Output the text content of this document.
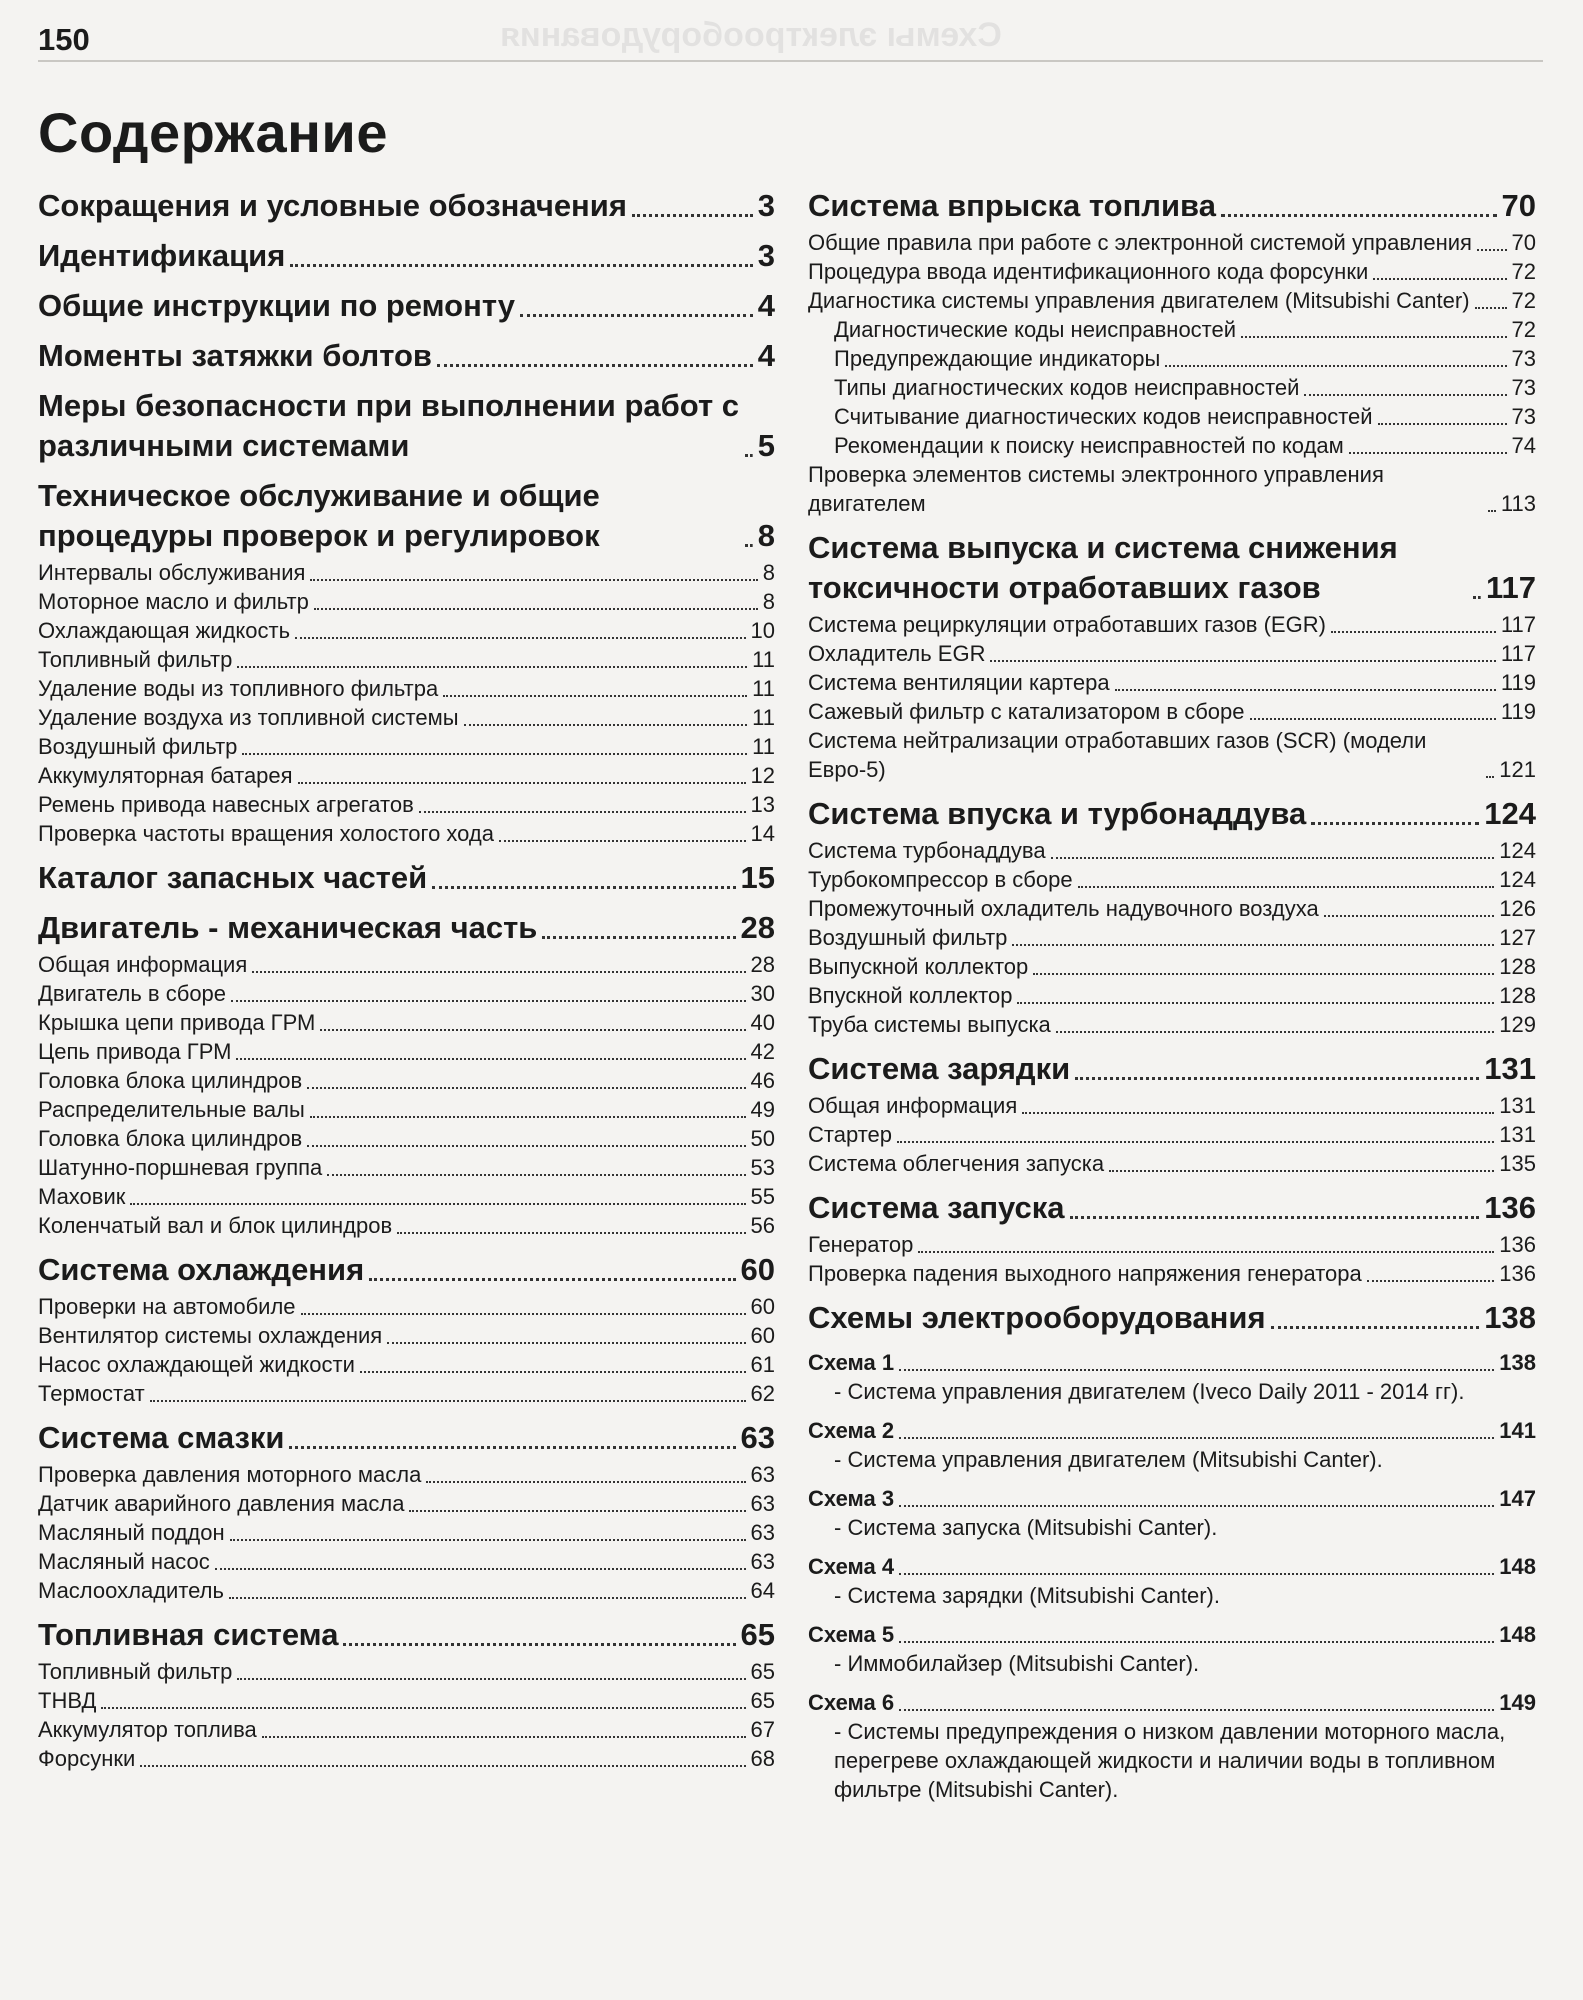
150	Схемы электрооборудования
Содержание
Сокращения и условные обозначения	3
Идентификация	3
Общие инструкции по ремонту	4
Моменты затяжки болтов	4
Меры безопасности при выполнении работ с различными системами	5
Техническое обслуживание и общие процедуры проверок и регулировок	8
Интервалы обслуживания	8
Моторное масло и фильтр	8
Охлаждающая жидкость	10
Топливный фильтр	11
Удаление воды из топливного фильтра	11
Удаление воздуха из топливной системы	11
Воздушный фильтр	11
Аккумуляторная батарея	12
Ремень привода навесных агрегатов	13
Проверка частоты вращения холостого хода	14
Каталог запасных частей	15
Двигатель - механическая часть	28
Общая информация	28
Двигатель в сборе	30
Крышка цепи привода ГРМ	40
Цепь привода ГРМ	42
Головка блока цилиндров	46
Распределительные валы	49
Головка блока цилиндров	50
Шатунно-поршневая группа	53
Маховик	55
Коленчатый вал и блок цилиндров	56
Система охлаждения	60
Проверки на автомобиле	60
Вентилятор системы охлаждения	60
Насос охлаждающей жидкости	61
Термостат	62
Система смазки	63
Проверка давления моторного масла	63
Датчик аварийного давления масла	63
Масляный поддон	63
Масляный насос	63
Маслоохладитель	64
Топливная система	65
Топливный фильтр	65
ТНВД	65
Аккумулятор топлива	67
Форсунки	68
Система впрыска топлива	70
Общие правила при работе с электронной системой управления 70
Процедура ввода идентификационного кода форсунки	72
Диагностика системы управления двигателем (Mitsubishi Canter) 72
Диагностические коды неисправностей	72
Предупреждающие индикаторы	73
Типы диагностических кодов неисправностей	73
Считывание диагностических кодов неисправностей	73
Рекомендации к поиску неисправностей по кодам	74
Проверка элементов системы электронного управления двигателем	113
Система выпуска и система снижения токсичности отработавших газов	117
Система рециркуляции отработавших газов (EGR)	117
Охладитель EGR	117
Система вентиляции картера	119
Сажевый фильтр с катализатором в сборе	119
Система нейтрализации отработавших газов (SCR) (модели Евро-5)	121
Система впуска и турбонаддува	124
Система турбонаддува	124
Турбокомпрессор в сборе	124
Промежуточный охладитель надувочного воздуха	126
Воздушный фильтр	127
Выпускной коллектор	128
Впускной коллектор	128
Труба системы выпуска	129
Система зарядки	131
Общая информация	131
Стартер	131
Система облегчения запуска	135
Система запуска	136
Генератор	136
Проверка падения выходного напряжения генератора	136
Схемы электрооборудования	138
Схема 1	138
- Система управления двигателем (Iveco Daily 2011 - 2014 гг).
Схема 2	141
- Система управления двигателем (Mitsubishi Canter).
Схема 3	147
- Система запуска (Mitsubishi Canter).
Схема 4	148
- Система зарядки (Mitsubishi Canter).
Схема 5	148
- Иммобилайзер (Mitsubishi Canter).
Схема 6	149
- Системы предупреждения о низком давлении моторного масла, перегреве охлаждающей жидкости и наличии воды в топливном фильтре (Mitsubishi Canter).
